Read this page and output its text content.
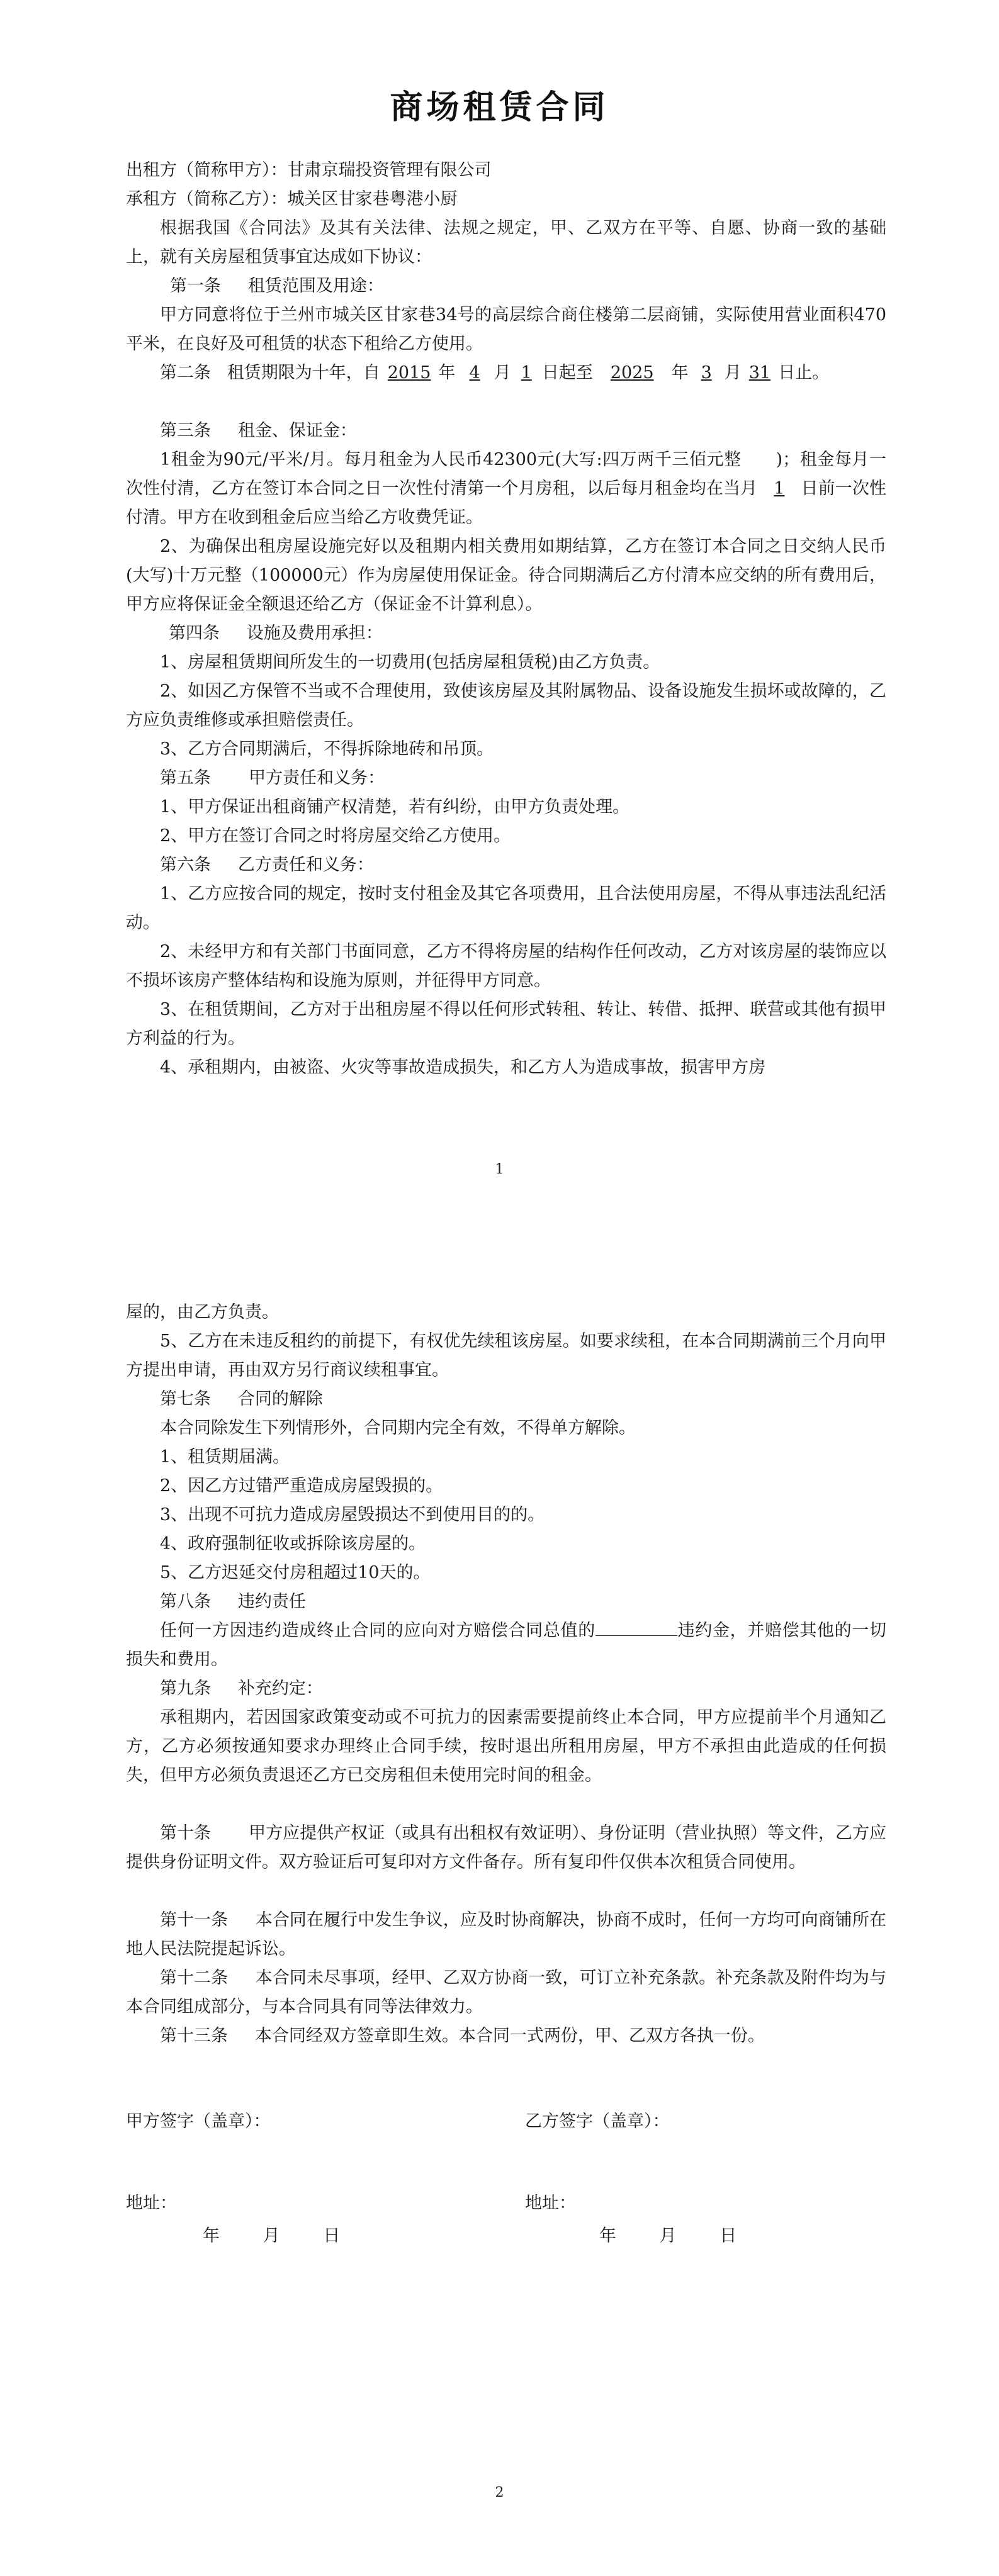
商场租赁合同

出租方（简称甲方）：甘肃京瑞投资管理有限公司

承租方（简称乙方）：城关区甘家巷粤港小厨

根据我国《合同法》及其有关法律、法规之规定，甲、乙双方在平等、自愿、协商一致的基础上，就有关房屋租赁事宜达成如下协议：

第一条     租赁范围及用途：

甲方同意将位于兰州市城关区甘家巷34号的高层综合商住楼第二层商铺，实际使用营业面积470平米，在良好及可租赁的状态下租给乙方使用。

第二条   租赁期限为十年，自 2015 年 4 月 1 日起至 2025 年 3 月 31 日止。

第三条     租金、保证金：

1租金为90元/平米/月。每月租金为人民币42300元(大写:四万两千三佰元整      )；租金每月一次性付清，乙方在签订本合同之日一次性付清第一个月房租，以后每月租金均在当月 1 日前一次性付清。甲方在收到租金后应当给乙方收费凭证。

2、为确保出租房屋设施完好以及租期内相关费用如期结算，乙方在签订本合同之日交纳人民币(大写)十万元整（100000元）作为房屋使用保证金。待合同期满后乙方付清本应交纳的所有费用后，甲方应将保证金全额退还给乙方（保证金不计算利息）。

第四条     设施及费用承担：

1、房屋租赁期间所发生的一切费用(包括房屋租赁税)由乙方负责。

2、如因乙方保管不当或不合理使用，致使该房屋及其附属物品、设备设施发生损坏或故障的，乙方应负责维修或承担赔偿责任。

3、乙方合同期满后，不得拆除地砖和吊顶。

第五条       甲方责任和义务：

1、甲方保证出租商铺产权清楚，若有纠纷，由甲方负责处理。

2、甲方在签订合同之时将房屋交给乙方使用。

第六条     乙方责任和义务：

1、乙方应按合同的规定，按时支付租金及其它各项费用，且合法使用房屋，不得从事违法乱纪活动。

2、未经甲方和有关部门书面同意，乙方不得将房屋的结构作任何改动，乙方对该房屋的装饰应以不损坏该房产整体结构和设施为原则，并征得甲方同意。

3、在租赁期间，乙方对于出租房屋不得以任何形式转租、转让、转借、抵押、联营或其他有损甲方利益的行为。

4、承租期内，由被盗、火灾等事故造成损失，和乙方人为造成事故，损害甲方房

1

屋的，由乙方负责。

5、乙方在未违反租约的前提下，有权优先续租该房屋。如要求续租，在本合同期满前三个月向甲方提出申请，再由双方另行商议续租事宜。

第七条     合同的解除

本合同除发生下列情形外，合同期内完全有效，不得单方解除。

1、租赁期届满。

2、因乙方过错严重造成房屋毁损的。

3、出现不可抗力造成房屋毁损达不到使用目的的。

4、政府强制征收或拆除该房屋的。

5、乙方迟延交付房租超过10天的。

第八条     违约责任

任何一方因违约造成终止合同的应向对方赔偿合同总值的	违约金，并赔偿其他的一切损失和费用。

第九条     补充约定：

承租期内，若因国家政策变动或不可抗力的因素需要提前终止本合同，甲方应提前半个月通知乙方，乙方必须按通知要求办理终止合同手续，按时退出所租用房屋，甲方不承担由此造成的任何损失，但甲方必须负责退还乙方已交房租但未使用完时间的租金。

第十条       甲方应提供产权证（或具有出租权有效证明）、身份证明（营业执照）等文件，乙方应提供身份证明文件。双方验证后可复印对方文件备存。所有复印件仅供本次租赁合同使用。

第十一条     本合同在履行中发生争议，应及时协商解决，协商不成时，任何一方均可向商铺所在地人民法院提起诉讼。

第十二条     本合同未尽事项，经甲、乙双方协商一致，可订立补充条款。补充条款及附件均为与本合同组成部分，与本合同具有同等法律效力。

第十三条     本合同经双方签章即生效。本合同一式两份，甲、乙双方各执一份。

甲方签字（盖章）：	乙方签字（盖章）：

地址：	地址：

年        月        日	年        月        日

2
